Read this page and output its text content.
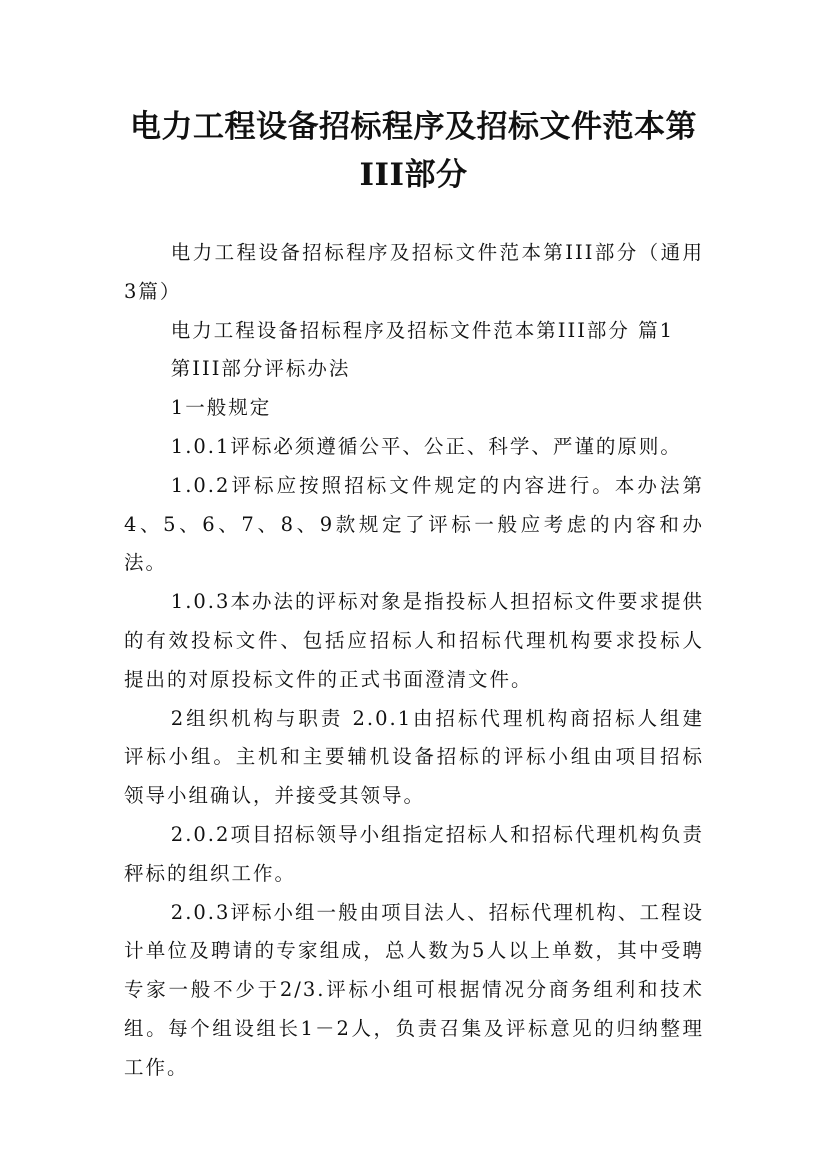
电力工程设备招标程序及招标文件范本第
III部分

电力工程设备招标程序及招标文件范本第III部分（通用3篇）

电力工程设备招标程序及招标文件范本第III部分 篇1

第III部分评标办法

1一般规定

1.0.1评标必须遵循公平、公正、科学、严谨的原则。

1.0.2评标应按照招标文件规定的内容进行。本办法第4、5、6、7、8、9款规定了评标一般应考虑的内容和办法。

1.0.3本办法的评标对象是指投标人担招标文件要求提供的有效投标文件、包括应招标人和招标代理机构要求投标人提出的对原投标文件的正式书面澄清文件。

2组织机构与职责 2.0.1由招标代理机构商招标人组建评标小组。主机和主要辅机设备招标的评标小组由项目招标领导小组确认，并接受其领导。

2.0.2项目招标领导小组指定招标人和招标代理机构负责秤标的组织工作。

2.0.3评标小组一般由项目法人、招标代理机构、工程设计单位及聘请的专家组成，总人数为5人以上单数，其中受聘专家一般不少于2/3.评标小组可根据情况分商务组利和技术组。每个组设组长1－2人，负责召集及评标意见的归纳整理工作。
